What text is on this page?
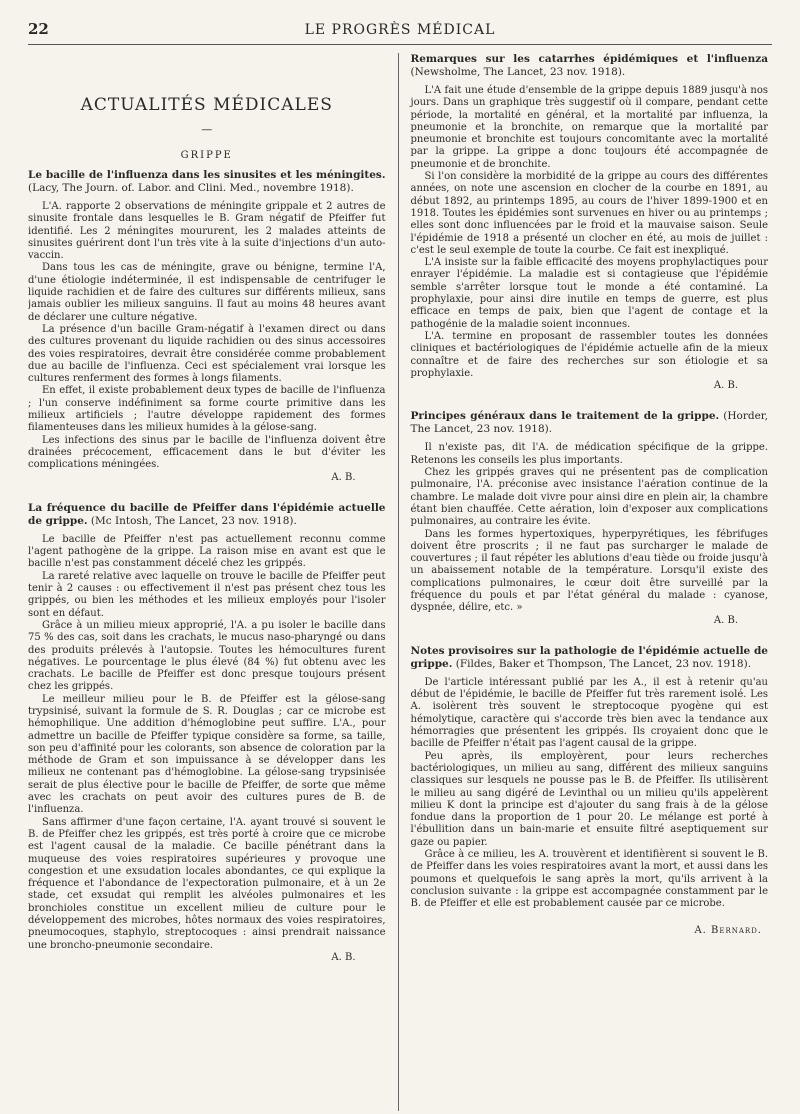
22	LE PROGRÈS MÉDICAL
ACTUALITÉS MÉDICALES
—
GRIPPE
Le bacille de l'influenza dans les sinusites et les méningites. (Lacy, The Journ. of. Labor. and Clini. Med., novembre 1918).

L'A. rapporte 2 observations de méningite grippale et 2 autres de sinusite frontale dans lesquelles le B. Gram négatif de Pfeiffer fut identifié. Les 2 méningites moururent, les 2 malades atteints de sinusites guérirent dont l'un très vite à la suite d'injections d'un auto-vaccin.

Dans tous les cas de méningite, grave ou bénigne, termine l'A, d'une étiologie indéterminée, il est indispensable de centrifuger le liquide rachidien et de faire des cultures sur différents milieux, sans jamais oublier les milieux sanguins. Il faut au moins 48 heures avant de déclarer une culture négative.

La présence d'un bacille Gram-négatif à l'examen direct ou dans des cultures provenant du liquide rachidien ou des sinus accessoires des voies respiratoires, devrait être considérée comme probablement due au bacille de l'influenza. Ceci est spécialement vrai lorsque les cultures renferment des formes à longs filaments.

En effet, il existe probablement deux types de bacille de l'influenza ; l'un conserve indéfiniment sa forme courte primitive dans les milieux artificiels ; l'autre développe rapidement des formes filamenteuses dans les milieux humides à la gélose-sang.

Les infections des sinus par le bacille de l'influenza doivent être drainées précocement, efficacement dans le but d'éviter les complications méningées.

A. B.
La fréquence du bacille de Pfeiffer dans l'épidémie actuelle de grippe. (Mc Intosh, The Lancet, 23 nov. 1918).

Le bacille de Pfeiffer n'est pas actuellement reconnu comme l'agent pathogène de la grippe. La raison mise en avant est que le bacille n'est pas constamment décelé chez les grippés.

La rareté relative avec laquelle on trouve le bacille de Pfeiffer peut tenir à 2 causes : ou effectivement il n'est pas présent chez tous les grippés, ou bien les méthodes et les milieux employés pour l'isoler sont en défaut.

Grâce à un milieu mieux approprié, l'A. a pu isoler le bacille dans 75 % des cas, soit dans les crachats, le mucus naso-pharyngé ou dans des produits prélevés à l'autopsie. Toutes les hémocultures furent négatives. Le pourcentage le plus élevé (84 %) fut obtenu avec les crachats. Le bacille de Pfeiffer est donc presque toujours présent chez les grippés.

Le meilleur milieu pour le B. de Pfeiffer est la gélose-sang trypsinisé, suivant la formule de S. R. Douglas ; car ce microbe est hémophilique. Une addition d'hémoglobine peut suffire. L'A., pour admettre un bacille de Pfeiffer typique considère sa forme, sa taille, son peu d'affinité pour les colorants, son absence de coloration par la méthode de Gram et son impuissance à se développer dans les milieux ne contenant pas d'hémoglobine. La gélose-sang trypsinisée serait de plus élective pour le bacille de Pfeiffer, de sorte que même avec les crachats on peut avoir des cultures pures de B. de l'influenza.

Sans affirmer d'une façon certaine, l'A. ayant trouvé si souvent le B. de Pfeiffer chez les grippés, est très porté à croire que ce microbe est l'agent causal de la maladie. Ce bacille pénétrant dans la muqueuse des voies respiratoires supérieures y provoque une congestion et une exsudation locales abondantes, ce qui explique la fréquence et l'abondance de l'expectoration pulmonaire, et à un 2e stade, cet exsudat qui remplit les alvéoles pulmonaires et les bronchioles constitue un excellent milieu de culture pour le développement des microbes, hôtes normaux des voies respiratoires, pneumocoques, staphylo, streptocoques : ainsi prendrait naissance une broncho-pneumonie secondaire.

A. B.
Remarques sur les catarrhes épidémiques et l'influenza (Newsholme, The Lancet, 23 nov. 1918).

L'A fait une étude d'ensemble de la grippe depuis 1889 jusqu'à nos jours. Dans un graphique très suggestif où il compare, pendant cette période, la mortalité en général, et la mortalité par influenza, la pneumonie et la bronchite, on remarque que la mortalité par pneumonie et bronchite est toujours concomitante avec la mortalité par la grippe. La grippe a donc toujours été accompagnée de pneumonie et de bronchite.

Si l'on considère la morbidité de la grippe au cours des différentes années, on note une ascension en clocher de la courbe en 1891, au début 1892, au printemps 1895, au cours de l'hiver 1899-1900 et en 1918. Toutes les épidémies sont survenues en hiver ou au printemps ; elles sont donc influencées par le froid et la mauvaise saison. Seule l'épidémie de 1918 a présenté un clocher en été, au mois de juillet : c'est le seul exemple de toute la courbe. Ce fait est inexpliqué.

L'A insiste sur la faible efficacité des moyens prophylactiques pour enrayer l'épidémie. La maladie est si contagieuse que l'épidémie semble s'arrêter lorsque tout le monde a été contaminé. La prophylaxie, pour ainsi dire inutile en temps de guerre, est plus efficace en temps de paix, bien que l'agent de contage et la pathogénie de la maladie soient inconnues.

L'A. termine en proposant de rassembler toutes les données cliniques et bactériologiques de l'épidémie actuelle afin de la mieux connaître et de faire des recherches sur son étiologie et sa prophylaxie.

A. B.
Principes généraux dans le traitement de la grippe. (Horder, The Lancet, 23 nov. 1918).

Il n'existe pas, dit l'A. de médication spécifique de la grippe. Retenons les conseils les plus importants.

Chez les grippés graves qui ne présentent pas de complication pulmonaire, l'A. préconise avec insistance l'aération continue de la chambre. Le malade doit vivre pour ainsi dire en plein air, la chambre étant bien chauffée. Cette aération, loin d'exposer aux complications pulmonaires, au contraire les évite.

Dans les formes hypertoxiques, hyperpyrétiques, les fébrifuges doivent être proscrits ; il ne faut pas surcharger le malade de couvertures ; il faut répéter les ablutions d'eau tiède ou froide jusqu'à un abaissement notable de la température. Lorsqu'il existe des complications pulmonaires, le cœur doit être surveillé par la fréquence du pouls et par l'état général du malade : cyanose, dyspnée, délire, etc. »

A. B.
Notes provisoires sur la pathologie de l'épidémie actuelle de grippe. (Fildes, Baker et Thompson, The Lancet, 23 nov. 1918).

De l'article intéressant publié par les A., il est à retenir qu'au début de l'épidémie, le bacille de Pfeiffer fut très rarement isolé. Les A. isolèrent très souvent le streptocoque pyogène qui est hémolytique, caractère qui s'accorde très bien avec la tendance aux hémorragies que présentent les grippés. Ils croyaient donc que le bacille de Pfeiffer n'était pas l'agent causal de la grippe.

Peu après, ils employèrent, pour leurs recherches bactériologiques, un milieu au sang, différent des milieux sanguins classiques sur lesquels ne pousse pas le B. de Pfeiffer. Ils utilisèrent le milieu au sang digéré de Levinthal ou un milieu qu'ils appelèrent milieu K dont la principe est d'ajouter du sang frais à de la gélose fondue dans la proportion de 1 pour 20. Le mélange est porté à l'ébullition dans un bain-marie et ensuite filtré aseptiquement sur gaze ou papier.

Grâce à ce milieu, les A. trouvèrent et identifièrent si souvent le B. de Pfeiffer dans les voies respiratoires avant la mort, et aussi dans les poumons et quelquefois le sang après la mort, qu'ils arrivent à la conclusion suivante : la grippe est accompagnée constamment par le B. de Pfeiffer et elle est probablement causée par ce microbe.

A. Bernard.
